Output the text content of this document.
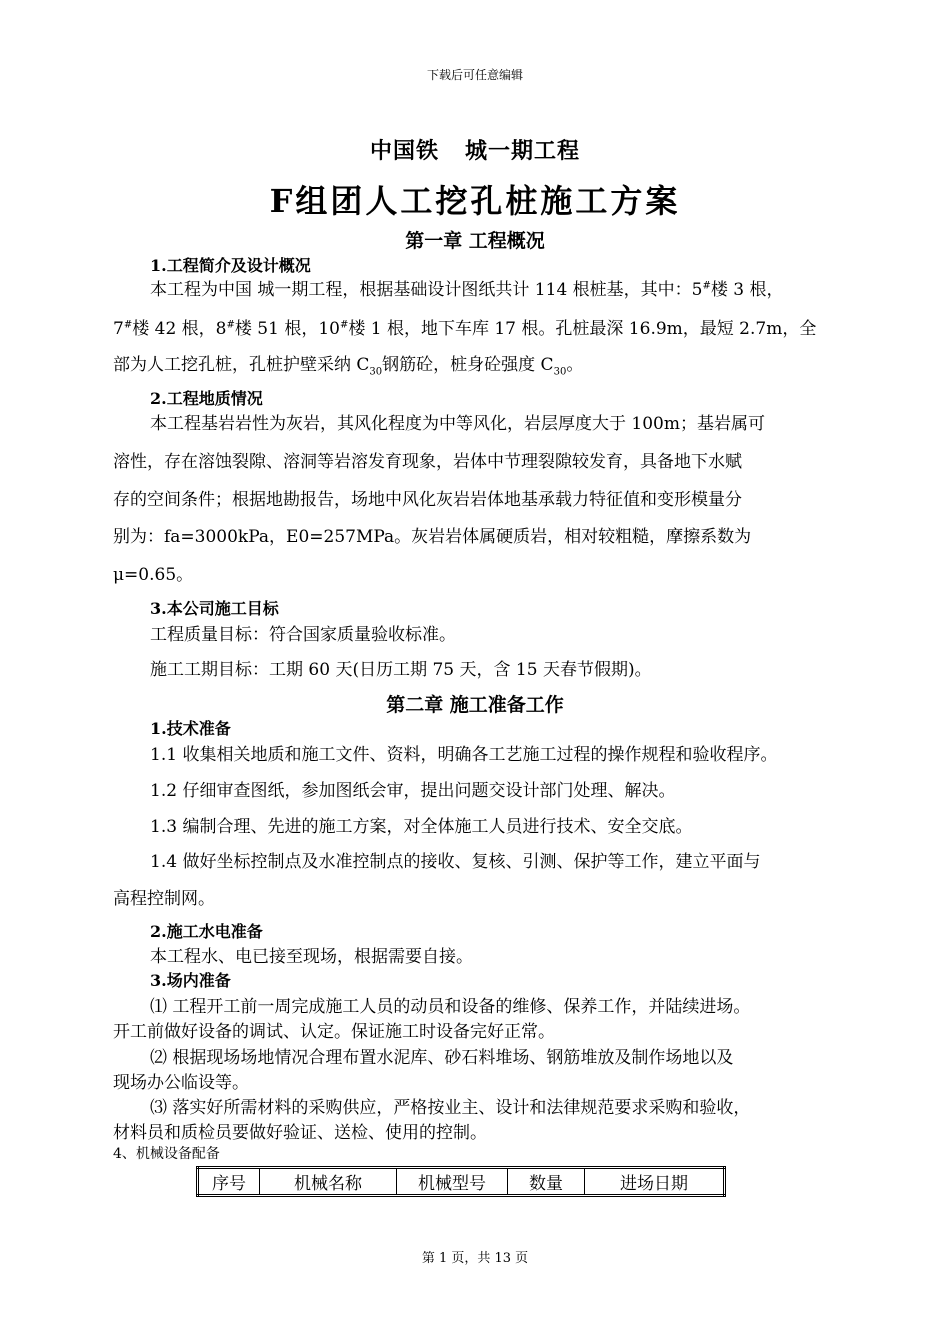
下载后可任意编辑
中国铁 城一期工程
F组团人工挖孔桩施工方案
第一章 工程概况
1.工程简介及设计概况
本工程为中国 城一期工程，根据基础设计图纸共计 114 根桩基，其中：5#楼 3 根，
7#楼 42 根，8#楼 51 根，10#楼 1 根，地下车库 17 根。孔桩最深 16.9m，最短 2.7m，全
部为人工挖孔桩，孔桩护壁采纳 $C_{30}$钢筋砼，桩身砼强度 $C_{30}$。
2.工程地质情况
本工程基岩岩性为灰岩，其风化程度为中等风化，岩层厚度大于 100m；基岩属可
溶性，存在溶蚀裂隙、溶洞等岩溶发育现象，岩体中节理裂隙较发育，具备地下水赋
存的空间条件；根据地勘报告，场地中风化灰岩岩体地基承载力特征值和变形模量分
别为：fa=3000kPa，E0=257MPa。灰岩岩体属硬质岩，相对较粗糙，摩擦系数为
μ=0.65。
3.本公司施工目标
工程质量目标：符合国家质量验收标准。
施工工期目标：工期 60 天(日历工期 75 天，含 15 天春节假期)。
第二章 施工准备工作
1.技术准备
1.1 收集相关地质和施工文件、资料，明确各工艺施工过程的操作规程和验收程序。
1.2 仔细审查图纸，参加图纸会审，提出问题交设计部门处理、解决。
1.3 编制合理、先进的施工方案，对全体施工人员进行技术、安全交底。
1.4 做好坐标控制点及水准控制点的接收、复核、引测、保护等工作，建立平面与
高程控制网。
2.施工水电准备
本工程水、电已接至现场，根据需要自接。
3.场内准备
⑴ 工程开工前一周完成施工人员的动员和设备的维修、保养工作，并陆续进场。
开工前做好设备的调试、认定。保证施工时设备完好正常。
⑵ 根据现场场地情况合理布置水泥库、砂石料堆场、钢筋堆放及制作场地以及
现场办公临设等。
⑶ 落实好所需材料的采购供应，严格按业主、设计和法律规范要求采购和验收，
材料员和质检员要做好验证、送检、使用的控制。
4、机械设备配备
序号	机械名称	机械型号	数量	进场日期
第 1 页，共 13 页
